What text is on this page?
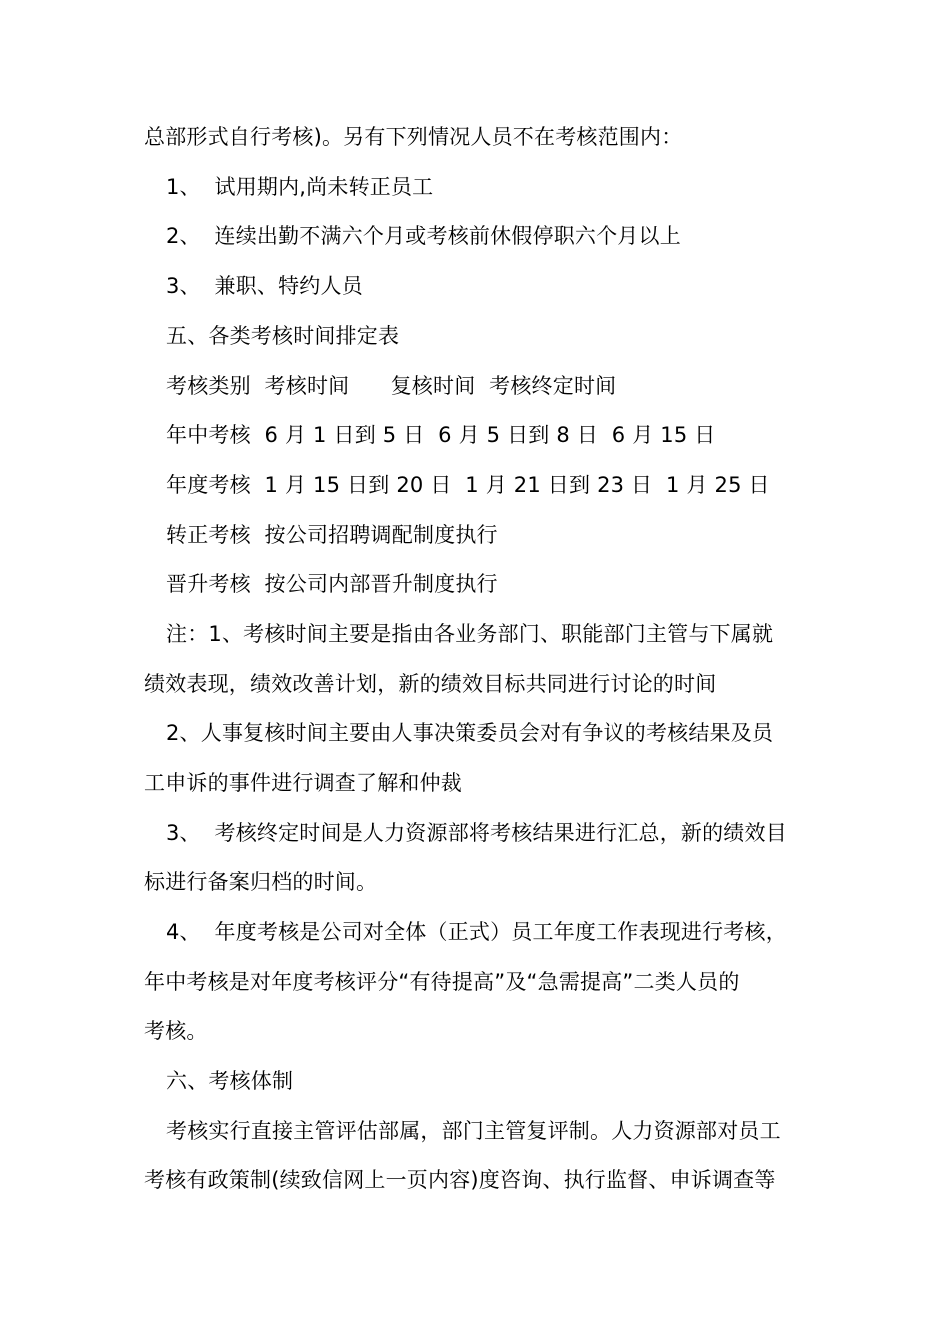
总部形式自行考核)。另有下列情况人员不在考核范围内：
1、  试用期内,尚未转正员工
2、  连续出勤不满六个月或考核前休假停职六个月以上
3、  兼职、特约人员
五、各类考核时间排定表
考核类别  考核时间      复核时间  考核终定时间
年中考核  6 月 1 日到 5 日  6 月 5 日到 8 日  6 月 15 日
年度考核  1 月 15 日到 20 日  1 月 21 日到 23 日  1 月 25 日
转正考核  按公司招聘调配制度执行
晋升考核  按公司内部晋升制度执行
注：1、考核时间主要是指由各业务部门、职能部门主管与下属就
绩效表现，绩效改善计划，新的绩效目标共同进行讨论的时间
2、人事复核时间主要由人事决策委员会对有争议的考核结果及员
工申诉的事件进行调查了解和仲裁
3、  考核终定时间是人力资源部将考核结果进行汇总，新的绩效目
标进行备案归档的时间。
4、  年度考核是公司对全体（正式）员工年度工作表现进行考核，
年中考核是对年度考核评分“有待提高”及“急需提高”二类人员的
考核。
六、考核体制
考核实行直接主管评估部属，部门主管复评制。人力资源部对员工
考核有政策制(续致信网上一页内容)度咨询、执行监督、申诉调查等
